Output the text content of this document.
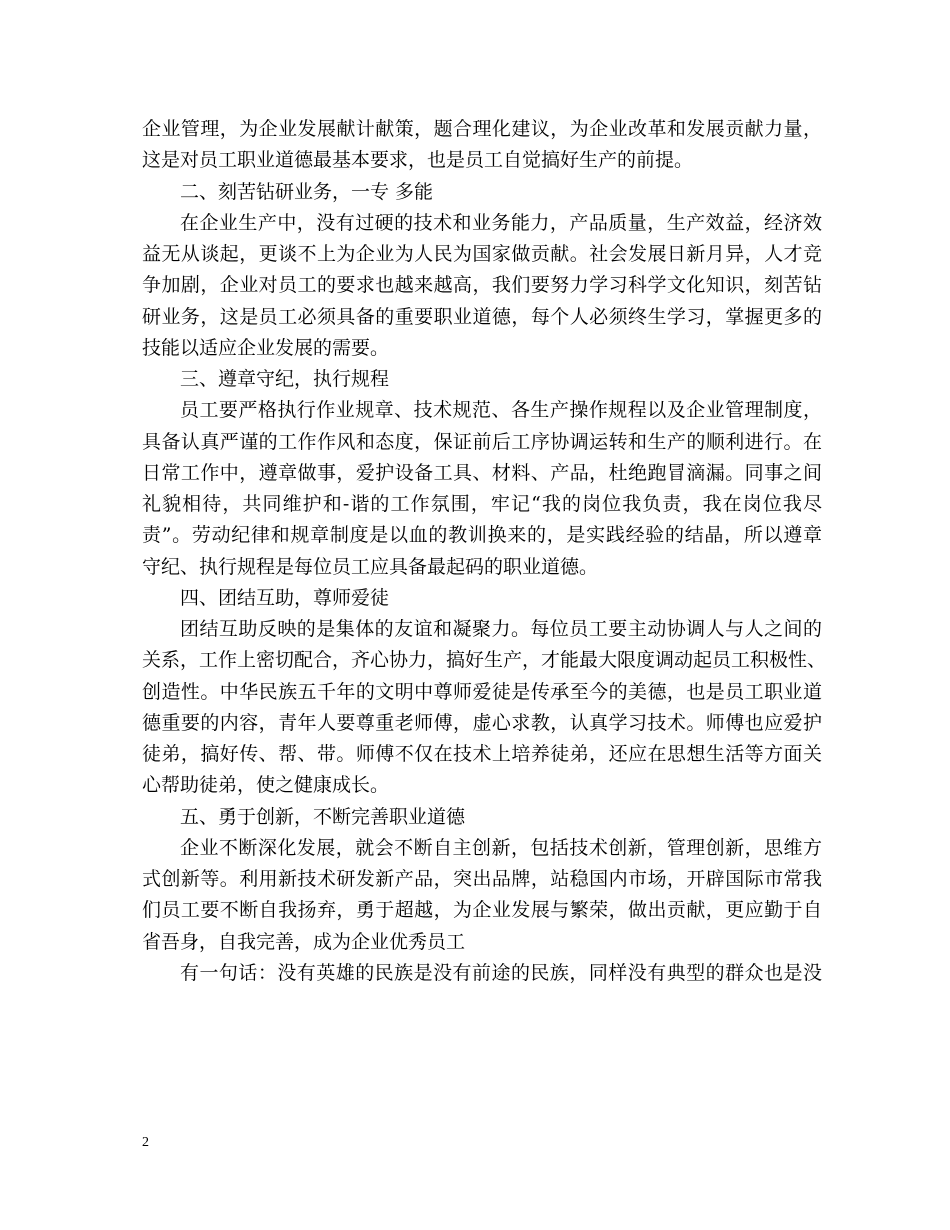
企业管理，为企业发展献计献策，题合理化建议，为企业改革和发展贡献力量，
这是对员工职业道德最基本要求，也是员工自觉搞好生产的前提。
二、刻苦钻研业务，一专 多能
在企业生产中，没有过硬的技术和业务能力，产品质量，生产效益，经济效
益无从谈起，更谈不上为企业为人民为国家做贡献。社会发展日新月异，人才竞
争加剧，企业对员工的要求也越来越高，我们要努力学习科学文化知识，刻苦钻
研业务，这是员工必须具备的重要职业道德，每个人必须终生学习，掌握更多的
技能以适应企业发展的需要。
三、遵章守纪，执行规程
员工要严格执行作业规章、技术规范、各生产操作规程以及企业管理制度，
具备认真严谨的工作作风和态度，保证前后工序协调运转和生产的顺利进行。在
日常工作中，遵章做事，爱护设备工具、材料、产品，杜绝跑冒滴漏。同事之间
礼貌相待，共同维护和-谐的工作氛围，牢记“我的岗位我负责，我在岗位我尽
责”。劳动纪律和规章制度是以血的教训换来的，是实践经验的结晶，所以遵章
守纪、执行规程是每位员工应具备最起码的职业道德。
四、团结互助，尊师爱徒
团结互助反映的是集体的友谊和凝聚力。每位员工要主动协调人与人之间的
关系，工作上密切配合，齐心协力，搞好生产，才能最大限度调动起员工积极性、
创造性。中华民族五千年的文明中尊师爱徒是传承至今的美德，也是员工职业道
德重要的内容，青年人要尊重老师傅，虚心求教，认真学习技术。师傅也应爱护
徒弟，搞好传、帮、带。师傅不仅在技术上培养徒弟，还应在思想生活等方面关
心帮助徒弟，使之健康成长。
五、勇于创新，不断完善职业道德
企业不断深化发展，就会不断自主创新，包括技术创新，管理创新，思维方
式创新等。利用新技术研发新产品，突出品牌，站稳国内市场，开辟国际市常我
们员工要不断自我扬弃，勇于超越，为企业发展与繁荣，做出贡献，更应勤于自
省吾身，自我完善，成为企业优秀员工
有一句话：没有英雄的民族是没有前途的民族，同样没有典型的群众也是没
2
